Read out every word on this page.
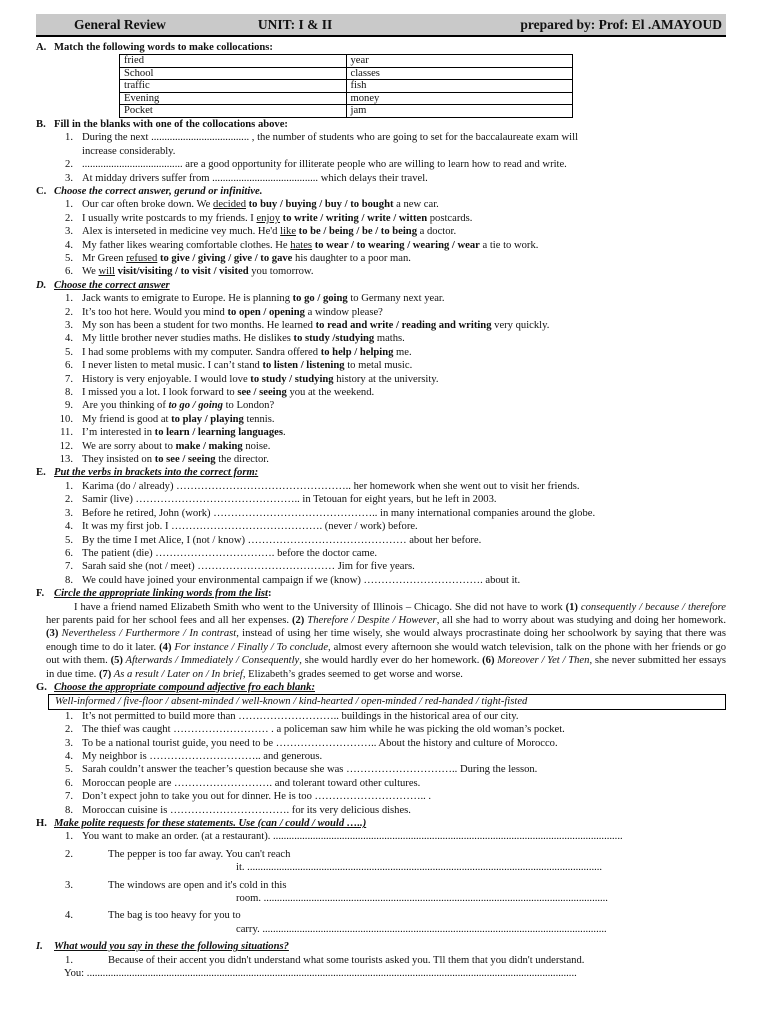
General Review	UNIT: I & II	prepared by: Prof: El .AMAYOUD
A. Match the following words to make collocations:
fried	year
School	classes
traffic	fish
Evening	money
Pocket	jam
B. Fill in the blanks with one of the collocations above:
1. During the next ..................................... , the number of students who are going to set for the baccalaureate exam will
increase considerably.
2. ...................................... are a good opportunity for illiterate people who are willing to learn how to read and write.
3. At midday drivers suffer from ........................................ which delays their travel.
C. Choose the correct answer, gerund or infinitive.
1. Our car often broke down. We decided to buy / buying / buy / to bought a new car.
2. I usually write postcards to my friends. I enjoy to write / writing / write / witten postcards.
3. Alex is interseted in medicine vey much. He'd like to be / being / be / to being a doctor.
4. My father likes wearing comfortable clothes. He hates to wear / to wearing / wearing / wear a tie to work.
5. Mr Green refused to give / giving / give / to gave his daughter to a poor man.
6. We will visit/visiting / to visit / visited you tomorrow.
D. Choose the correct answer
1. Jack wants to emigrate to Europe. He is planning to go / going to Germany next year.
2. It’s too hot here. Would you mind to open / opening a window please?
3. My son has been a student for two months. He learned to read and write / reading and writing very quickly.
4. My little brother never studies maths. He dislikes to study /studying maths.
5. I had some problems with my computer. Sandra offered to help / helping me.
6. I never listen to metal music. I can’t stand to listen / listening to metal music.
7. History is very enjoyable. I would love to study / studying history at the university.
8. I missed you a lot. I look forward to see / seeing you at the weekend.
9. Are you thinking of to go / going to London?
10. My friend is good at to play / playing tennis.
11. I’m interested in to learn / learning languages.
12. We are sorry about to make / making noise.
13. They insisted on to see / seeing the director.
E. Put the verbs in brackets into the correct form:
1. Karima (do / already) ………………………………………….. her homework when she went out to visit her friends.
2. Samir (live) ……………………………………….. in Tetouan for eight years, but he left in 2003.
3. Before he retired, John (work) ……………………………………….. in many international companies around the globe.
4. It was my first job. I ……………………………………. (never / work) before.
5. By the time I met Alice, I (not / know) ……………………………………… about her before.
6. The patient (die) ……………………………. before the doctor came.
7. Sarah said she (not / meet) ………………………………… Jim for five years.
8. We could have joined your environmental campaign if we (know) ……………………………. about it.
F. Circle the appropriate linking words from the list:

I have a friend named Elizabeth Smith who went to the University of Illinois – Chicago. She did not have to work (1) consequently / because / therefore her parents paid for her school fees and all her expenses. (2) Therefore / Despite / However, all she had to worry about was studying and doing her homework. (3) Nevertheless / Furthermore / In contrast, instead of using her time wisely, she would always procrastinate doing her schoolwork by saying that there was enough time to do it later. (4) For instance / Finally / To conclude, almost every afternoon she would watch television, talk on the phone with her friends or go out with them. (5) Afterwards / Immediately / Consequently, she would hardly ever do her homework. (6) Moreover / Yet / Then, she never submitted her essays in due time. (7) As a result / Later on / In brief, Elizabeth’s grades seemed to get worse and worse.

G. Choose the appropriate compound adjective fro each blank:
Well-informed / five-floor / absent-minded / well-known / kind-hearted / open-minded / red-handed / tight-fisted
1. It’s not permitted to build more than ……………………….. buildings in the historical area of our city.
2. The thief was caught ……………………… . a policeman saw him while he was picking the old woman’s pocket.
3. To be a national tourist guide, you need to be ……………………….. About the history and culture of Morocco.
4. My neighbor is ………………………….. and generous.
5. Sarah couldn’t answer the teacher’s question because she was ………………………….. During the lesson.
6. Moroccan people are ………………………. and tolerant toward other cultures.
7. Don’t expect john to take you out for dinner. He is too ………………………….. .
8. Moroccan cuisine is ……………………………. for its very delicious dishes.
H. Make polite requests for these statements. Use (can / could / would …..)
1. You want to make an order. (at a restaurant). ....................................................................................................................................
2.	The pepper is too far away. You can't reach
it. ......................................................................................................................................
3.	The windows are open and it's cold in this
room. ..................................................................................................................................
4.	The bag is too heavy for you to
carry. ..................................................................................................................................
I. What would you say in these the following situations?
1.	Because of their accent you didn't understand what some tourists asked you. Tll them that you didn't understand.
You: .........................................................................................................................................................................................
